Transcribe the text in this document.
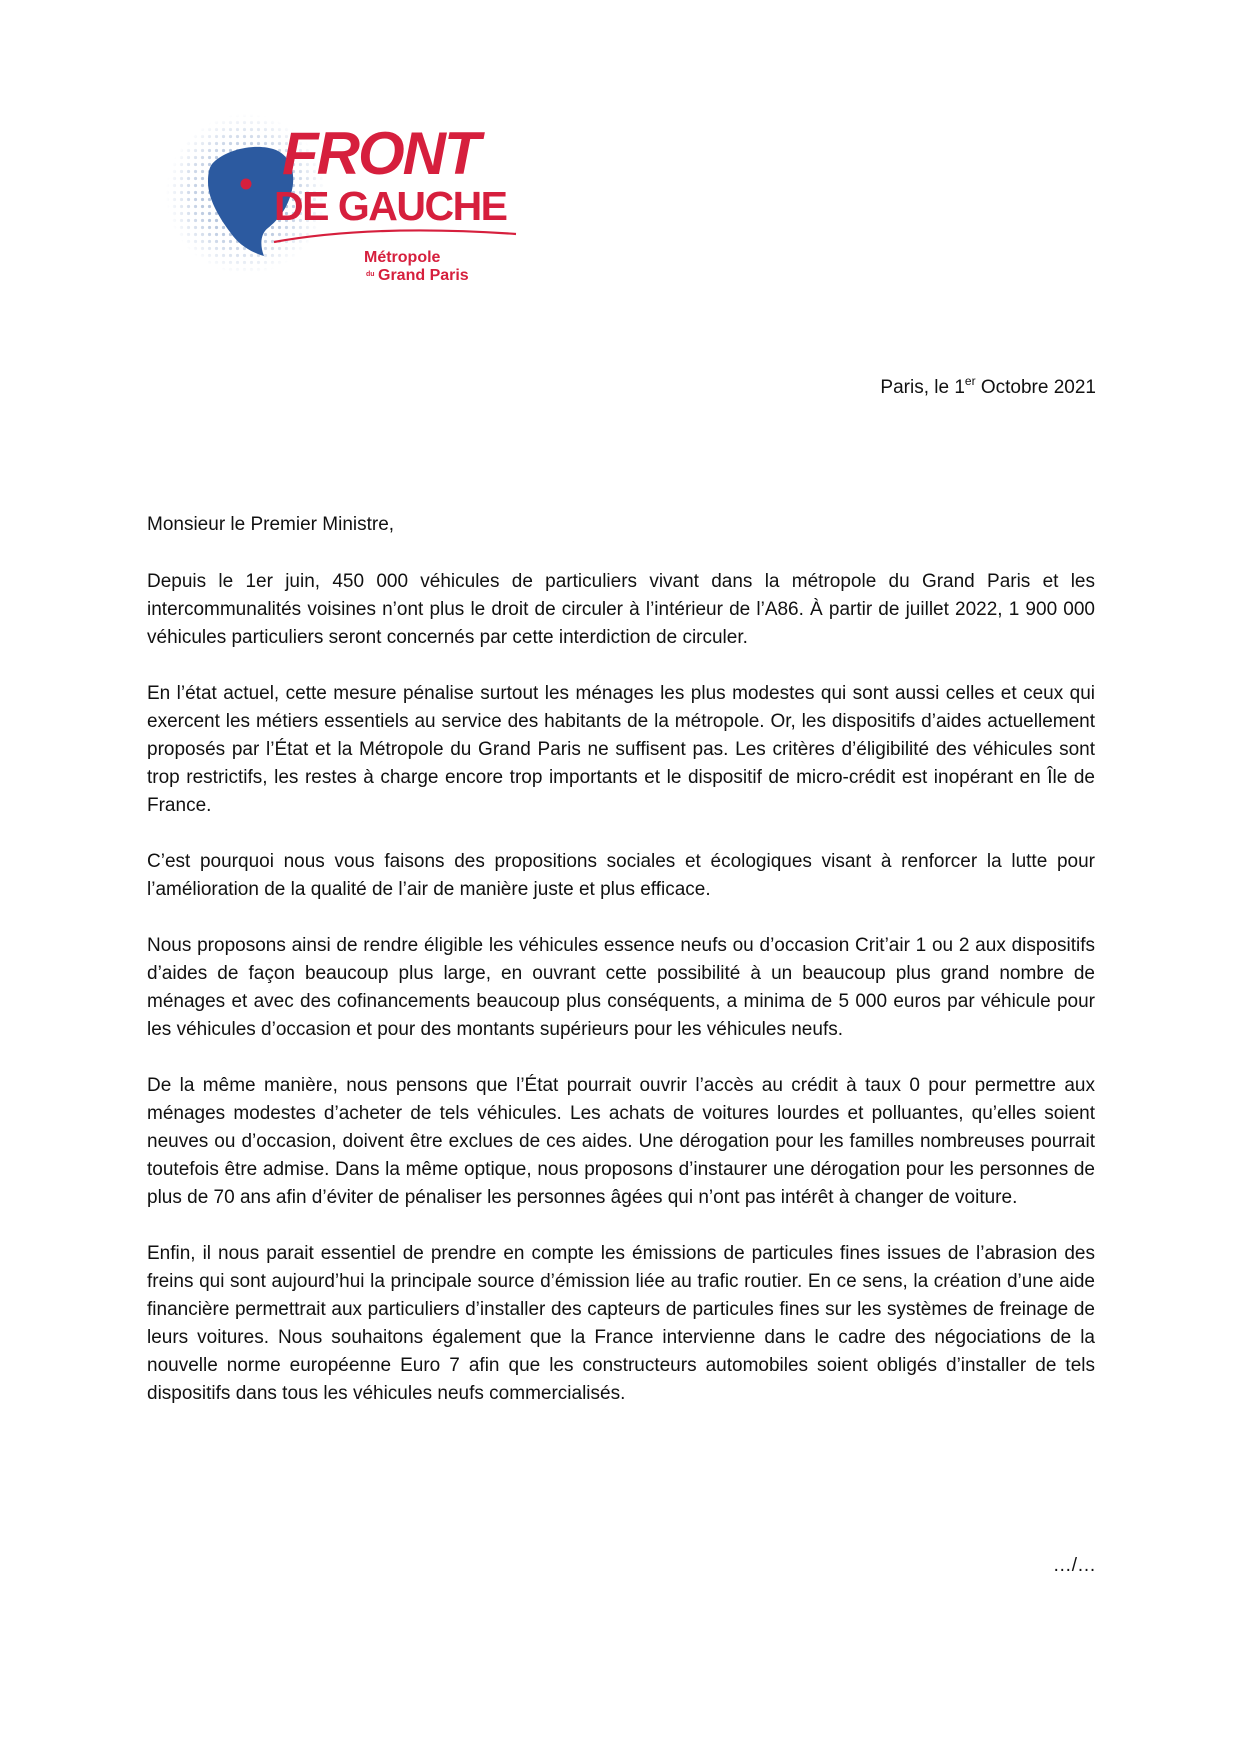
FRONT
DE GAUCHE
Métropole
du Grand Paris
Paris, le 1er Octobre 2021
Monsieur le Premier Ministre,

Depuis le 1er juin, 450 000 véhicules de particuliers vivant dans la métropole du Grand Paris et les intercommunalités voisines n’ont plus le droit de circuler à l’intérieur de l’A86. À partir de juillet 2022, 1 900 000 véhicules particuliers seront concernés par cette interdiction de circuler.

En l’état actuel, cette mesure pénalise surtout les ménages les plus modestes qui sont aussi celles et ceux qui exercent les métiers essentiels au service des habitants de la métropole. Or, les dispositifs d’aides actuellement proposés par l’État et la Métropole du Grand Paris ne suffisent pas. Les critères d’éligibilité des véhicules sont trop restrictifs, les restes à charge encore trop importants et le dispositif de micro-crédit est inopérant en Île de France.

C’est pourquoi nous vous faisons des propositions sociales et écologiques visant à renforcer la lutte pour l’amélioration de la qualité de l’air de manière juste et plus efficace.

Nous proposons ainsi de rendre éligible les véhicules essence neufs ou d’occasion Crit’air 1 ou 2 aux dispositifs d’aides de façon beaucoup plus large, en ouvrant cette possibilité à un beaucoup plus grand nombre de ménages et avec des cofinancements beaucoup plus conséquents, a minima de 5 000 euros par véhicule pour les véhicules d’occasion et pour des montants supérieurs pour les véhicules neufs.

De la même manière, nous pensons que l’État pourrait ouvrir l’accès au crédit à taux 0 pour permettre aux ménages modestes d’acheter de tels véhicules. Les achats de voitures lourdes et polluantes, qu’elles soient neuves ou d’occasion, doivent être exclues de ces aides. Une dérogation pour les familles nombreuses pourrait toutefois être admise. Dans la même optique, nous proposons d’instaurer une dérogation pour les personnes de plus de 70 ans afin d’éviter de pénaliser les personnes âgées qui n’ont pas intérêt à changer de voiture.

Enfin, il nous parait essentiel de prendre en compte les émissions de particules fines issues de l’abrasion des freins qui sont aujourd’hui la principale source d’émission liée au trafic routier. En ce sens, la création d’une aide financière permettrait aux particuliers d’installer des capteurs de particules fines sur les systèmes de freinage de leurs voitures. Nous souhaitons également que la France intervienne dans le cadre des négociations de la nouvelle norme européenne Euro 7 afin que les constructeurs automobiles soient obligés d’installer de tels dispositifs dans tous les véhicules neufs commercialisés.

…/…
